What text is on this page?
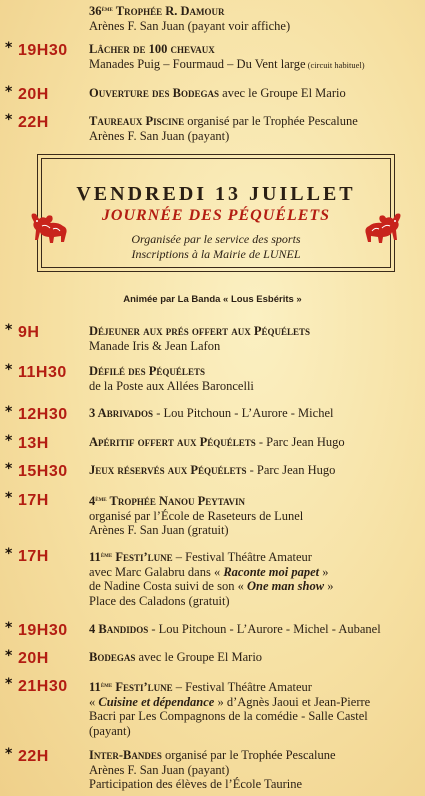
36ème Trophée R. Damour
Arènes F. San Juan (payant voir affiche)
* 19H30 Lâcher de 100 chevaux
Manades Puig – Fourmaud – Du Vent large (circuit habituel)
* 20H	Ouverture des Bodegas avec le Groupe El Mario
* 22H	Taureaux Piscine organisé par le Trophée Pescalune
Arènes F. San Juan (payant)
VENDREDI 13 JUILLET
JOURNÉE DES PÉQUÉLETS
Organisée par le service des sports
Inscriptions à la Mairie de LUNEL
Animée par La Banda « Lous Esbérits »
* 9H	Déjeuner aux prés offert aux Péquélets
Manade Iris & Jean Lafon
* 11H30 Défilé des Péquélets
de la Poste aux Allées Baroncelli
* 12H30 3 Abrivados - Lou Pitchoun - L’Aurore - Michel
* 13H	Apéritif offert aux Péquélets - Parc Jean Hugo
* 15H30 Jeux réservés aux Péquélets - Parc Jean Hugo
* 17H	4ème Trophée Nanou Peytavin
organisé par l’École de Raseteurs de Lunel
Arènes F. San Juan (gratuit)
* 17H	11ème Festi’lune – Festival Théâtre Amateur
avec Marc Galabru dans « Raconte moi papet »
de Nadine Costa suivi de son « One man show »
Place des Caladons (gratuit)
* 19H30 4 Bandidos - Lou Pitchoun - L’Aurore - Michel - Aubanel
* 20H	Bodegas avec le Groupe El Mario
* 21H30 11ème Festi’lune – Festival Théâtre Amateur
« Cuisine et dépendance » d’Agnès Jaoui et Jean-Pierre
Bacri par Les Compagnons de la comédie - Salle Castel
(payant)
* 22H	Inter-Bandes organisé par le Trophée Pescalune
Arènes F. San Juan (payant)
Participation des élèves de l’École Taurine
